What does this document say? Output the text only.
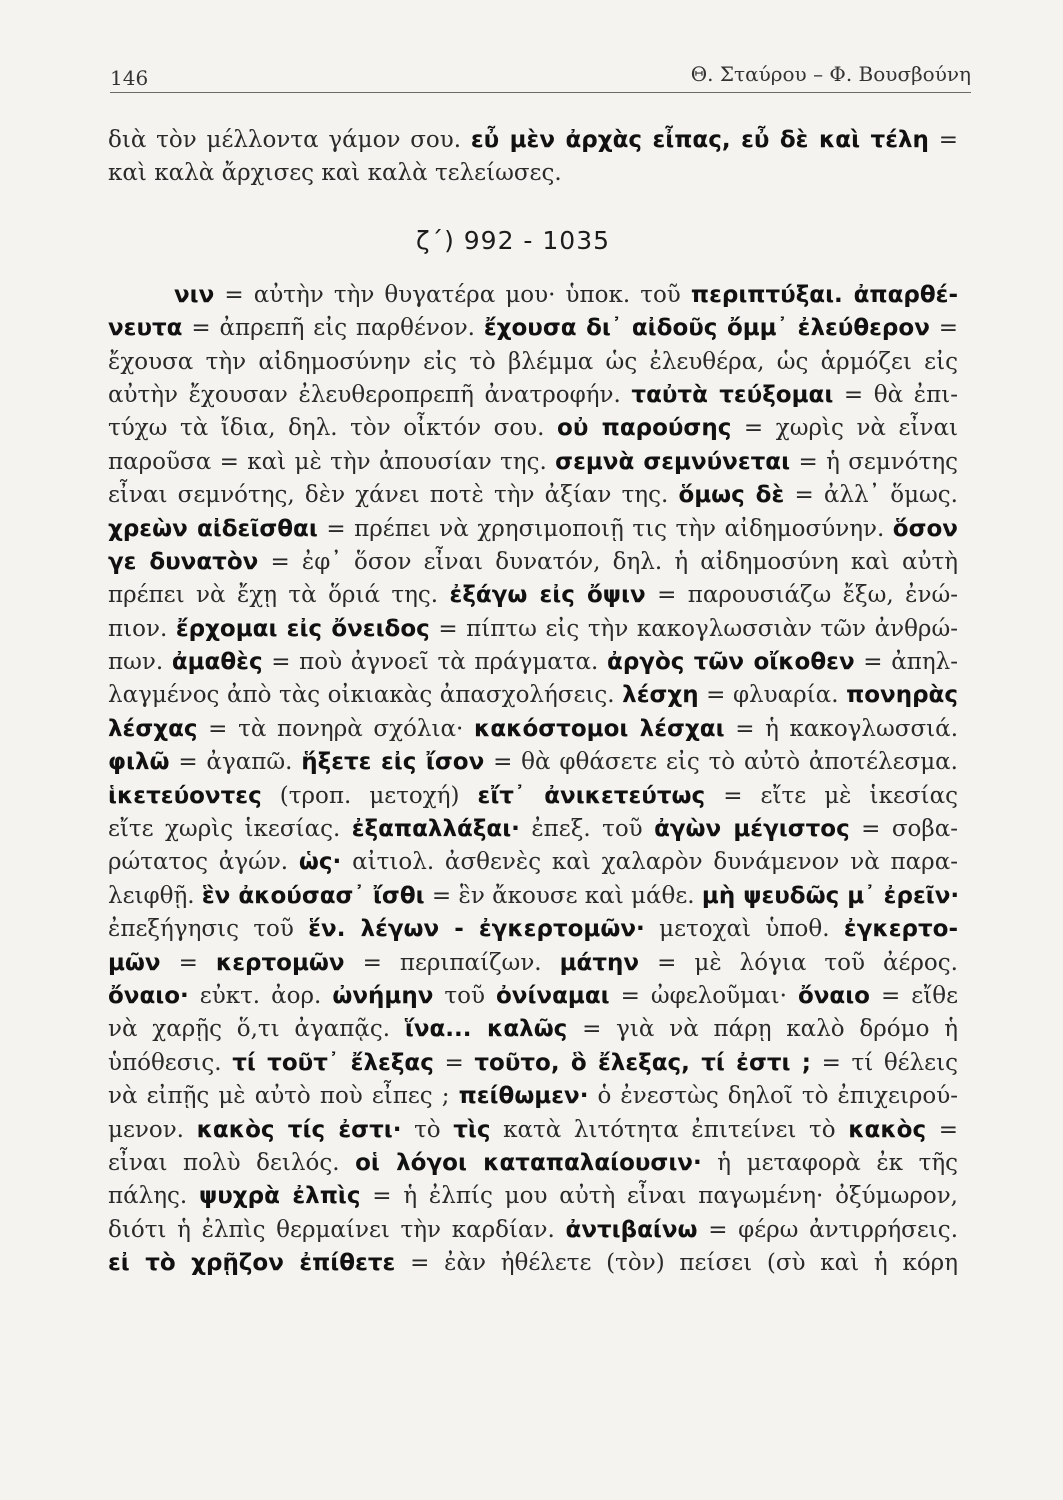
146	Θ. Σταύρου – Φ. Βουσβούνη
διὰ τὸν μέλλοντα γάμον σου. εὖ μὲν ἀρχὰς εἶπας, εὖ δὲ καὶ τέλη =
καὶ καλὰ ἄρχισες καὶ καλὰ τελείωσες.
ζ΄) 992 - 1035
νιν = αὐτὴν τὴν θυγατέρα μου· ὑποκ. τοῦ περιπτύξαι. ἀπαρθέ-
νευτα = ἀπρεπῆ εἰς παρθένον. ἔχουσα δι᾿ αἰδοῦς ὄμμ᾿ ἐλεύθερον =
ἔχουσα τὴν αἰδημοσύνην εἰς τὸ βλέμμα ὡς ἐλευθέρα, ὡς ἁρμόζει εἰς
αὐτὴν ἔχουσαν ἐλευθεροπρεπῆ ἀνατροφήν. ταὐτὰ τεύξομαι = θὰ ἐπι-
τύχω τὰ ἴδια, δηλ. τὸν οἶκτόν σου. οὐ παρούσης = χωρὶς νὰ εἶναι
παροῦσα = καὶ μὲ τὴν ἀπουσίαν της. σεμνὰ σεμνύνεται = ἡ σεμνότης
εἶναι σεμνότης, δὲν χάνει ποτὲ τὴν ἀξίαν της. ὅμως δὲ = ἀλλ᾿ ὅμως.
χρεὼν αἰδεῖσθαι = πρέπει νὰ χρησιμοποιῇ τις τὴν αἰδημοσύνην. ὅσον
γε δυνατὸν = ἐφ᾿ ὅσον εἶναι δυνατόν, δηλ. ἡ αἰδημοσύνη καὶ αὐτὴ
πρέπει νὰ ἔχῃ τὰ ὅριά της. ἐξάγω εἰς ὄψιν = παρουσιάζω ἔξω, ἐνώ-
πιον. ἔρχομαι εἰς ὄνειδος = πίπτω εἰς τὴν κακογλωσσιὰν τῶν ἀνθρώ-
πων. ἀμαθὲς = ποὺ ἀγνοεῖ τὰ πράγματα. ἀργὸς τῶν οἴκοθεν = ἀπηλ-
λαγμένος ἀπὸ τὰς οἰκιακὰς ἀπασχολήσεις. λέσχη = φλυαρία. πονηρὰς
λέσχας = τὰ πονηρὰ σχόλια· κακόστομοι λέσχαι = ἡ κακογλωσσιά.
φιλῶ = ἀγαπῶ. ἥξετε εἰς ἴσον = θὰ φθάσετε εἰς τὸ αὐτὸ ἀποτέλεσμα.
ἱκετεύοντες (τροπ. μετοχή) εἴτ᾿ ἀνικετεύτως = εἴτε μὲ ἱκεσίας
εἴτε χωρὶς ἱκεσίας. ἐξαπαλλάξαι· ἐπεξ. τοῦ ἀγὼν μέγιστος = σοβα-
ρώτατος ἀγών. ὡς· αἰτιολ. ἀσθενὲς καὶ χαλαρὸν δυνάμενον νὰ παρα-
λειφθῇ. ἓν ἀκούσασ᾿ ἴσθι = ἓν ἄκουσε καὶ μάθε. μὴ ψευδῶς μ᾿ ἐρεῖν·
ἐπεξήγησις τοῦ ἕν. λέγων - ἐγκερτομῶν· μετοχαὶ ὑποθ. ἐγκερτο-
μῶν = κερτομῶν = περιπαίζων. μάτην = μὲ λόγια τοῦ ἀέρος.
ὄναιο· εὐκτ. ἀορ. ὠνήμην τοῦ ὀνίναμαι = ὠφελοῦμαι· ὄναιο = εἴθε
νὰ χαρῇς ὅ,τι ἀγαπᾷς. ἵνα... καλῶς = γιὰ νὰ πάρῃ καλὸ δρόμο ἡ
ὑπόθεσις. τί τοῦτ᾿ ἔλεξας = τοῦτο, ὃ ἔλεξας, τί ἐστι ; = τί θέλεις
νὰ εἰπῇς μὲ αὐτὸ ποὺ εἶπες ; πείθωμεν· ὁ ἐνεστὼς δηλοῖ τὸ ἐπιχειρού-
μενον. κακὸς τίς ἐστι· τὸ τὶς κατὰ λιτότητα ἐπιτείνει τὸ κακὸς =
εἶναι πολὺ δειλός. οἱ λόγοι καταπαλαίουσιν· ἡ μεταφορὰ ἐκ τῆς
πάλης. ψυχρὰ ἐλπὶς = ἡ ἐλπίς μου αὐτὴ εἶναι παγωμένη· ὀξύμωρον,
διότι ἡ ἐλπὶς θερμαίνει τὴν καρδίαν. ἀντιβαίνω = φέρω ἀντιρρήσεις.
εἰ τὸ χρῇζον ἐπίθετε = ἐὰν ἠθέλετε (τὸν) πείσει (σὺ καὶ ἡ κόρη
